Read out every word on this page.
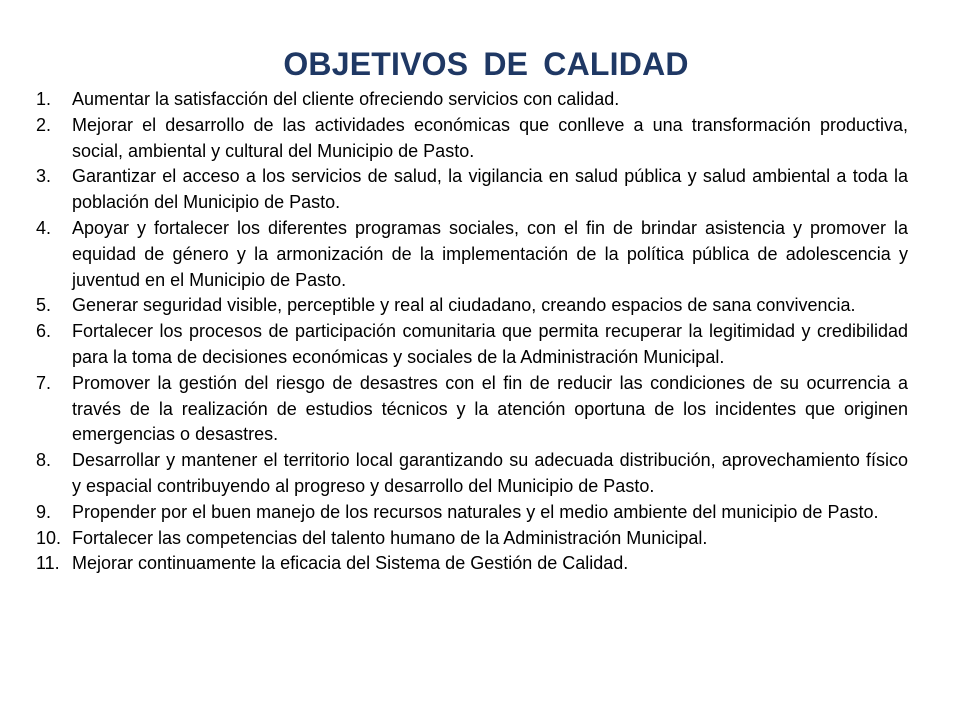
OBJETIVOS DE CALIDAD
1. Aumentar la satisfacción del cliente ofreciendo servicios con calidad.
2. Mejorar el desarrollo de las actividades económicas que conlleve a una transformación productiva, social, ambiental y cultural del Municipio de Pasto.
3. Garantizar el acceso a los servicios de salud, la vigilancia en salud pública y salud ambiental a toda la población del Municipio de Pasto.
4. Apoyar y fortalecer los diferentes programas sociales, con el fin de brindar asistencia y promover la equidad de género y la armonización de la implementación de la política pública de adolescencia y juventud en el Municipio de Pasto.
5. Generar seguridad visible, perceptible y real al ciudadano, creando espacios de sana convivencia.
6. Fortalecer los procesos de participación comunitaria que permita recuperar la legitimidad y credibilidad para la toma de decisiones económicas y sociales de la Administración Municipal.
7. Promover la gestión del riesgo de desastres con el fin de reducir las condiciones de su ocurrencia a través de la realización de estudios técnicos y la atención oportuna de los incidentes que originen emergencias o desastres.
8. Desarrollar y mantener el territorio local garantizando su adecuada distribución, aprovechamiento físico y espacial contribuyendo al progreso y desarrollo del Municipio de Pasto.
9. Propender por el buen manejo de los recursos naturales y el medio ambiente del municipio de Pasto.
10. Fortalecer las competencias del talento humano de la Administración Municipal.
11. Mejorar continuamente la eficacia del Sistema de Gestión de Calidad.
